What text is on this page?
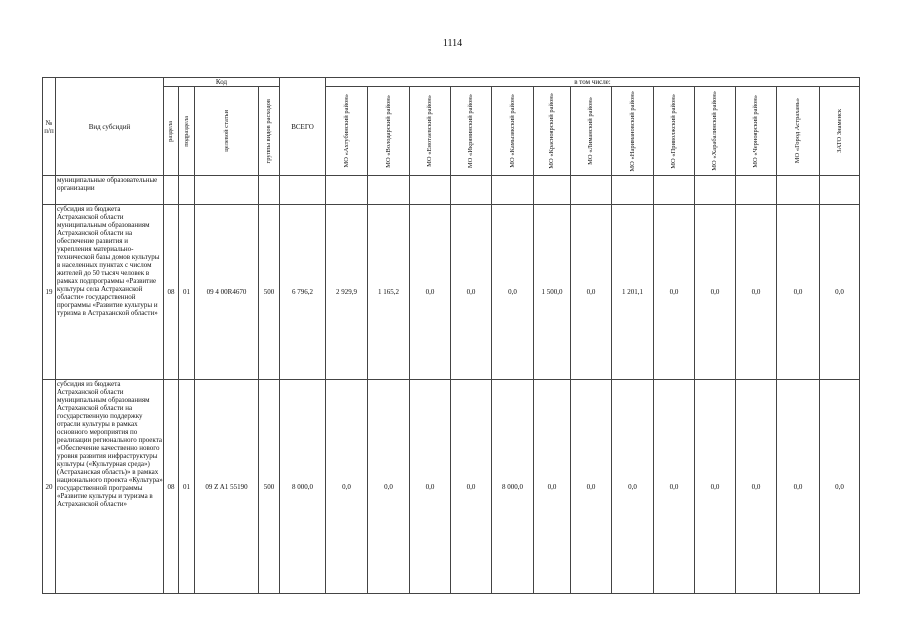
1114
№ п/п	Вид субсидий	Код				ВСЕГО	в том числе:												

		раздела	подраздела	целевой статьи	группы видов расходов		МО «Ахтубинский район»	МО «Володарский район»	МО «Енотаевский район»	МО «Икрянинский район»	МО «Камызякский район»	МО «Красноярский район»	МО «Лиманский район»	МО «Наримановский район»	МО «Приволжский район»	МО «Харабалинский район»	МО «Черноярский район»	МО «Город Астрахань»	ЗАТО Знаменск

	муниципальные образовательные организации																		
19	субсидия из бюджета Астраханской области муниципальным образованиям Астраханской области на обеспечение развития и укрепления материально-технической базы домов культуры в населенных пунктах с числом жителей до 50 тысяч человек в рамках подпрограммы «Развитие культуры села Астраханской области» государственной программы «Развитие культуры и туризма в Астраханской области»	08	01	09 4 00R4670	500	6 796,2	2 929,9	1 165,2	0,0	0,0	0,0	1 500,0	0,0	1 201,1	0,0	0,0	0,0	0,0	0,0
20	субсидия из бюджета Астраханской области муниципальным образованиям Астраханской области на государственную поддержку отрасли культуры в рамках основного мероприятия по реализации регионального проекта «Обеспечение качественно нового уровня развития инфраструктуры культуры («Культурная среда») (Астраханская область)» в рамках национального проекта «Культура» государственной программы «Развитие культуры и туризма в Астраханской области»	08	01	09 Z A1 55190	500	8 000,0	0,0	0,0	0,0	0,0	8 000,0	0,0	0,0	0,0	0,0	0,0	0,0	0,0	0,0
